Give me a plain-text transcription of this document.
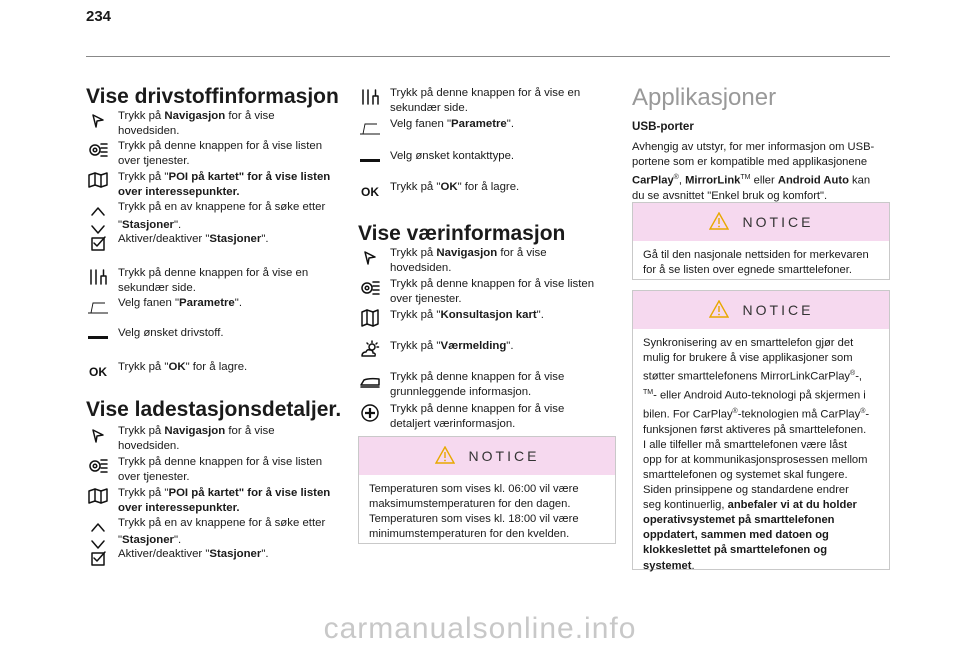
234
Vise drivstoffinformasjon
Trykk på Navigasjon for å vise
hovedsiden.
Trykk på denne knappen for å vise listen
over tjenester.
Trykk på "POI på kartet" for å vise listen
over interessepunkter.
Trykk på en av knappene for å søke etter
"Stasjoner".
Aktiver/deaktiver "Stasjoner".
Trykk på denne knappen for å vise en
sekundær side.
Velg fanen "Parametre".
Velg ønsket drivstoff.
OK Trykk på "OK" for å lagre.
Vise ladestasjonsdetaljer.
Trykk på Navigasjon for å vise
hovedsiden.
Trykk på denne knappen for å vise listen
over tjenester.
Trykk på "POI på kartet" for å vise listen
over interessepunkter.
Trykk på en av knappene for å søke etter
"Stasjoner".
Aktiver/deaktiver "Stasjoner".
Trykk på denne knappen for å vise en
sekundær side.
Velg fanen "Parametre".
Velg ønsket kontakttype.
OK Trykk på "OK" for å lagre.
Vise værinformasjon
Trykk på Navigasjon for å vise
hovedsiden.
Trykk på denne knappen for å vise listen
over tjenester.
Trykk på "Konsultasjon kart".
Trykk på "Værmelding".
Trykk på denne knappen for å vise
grunnleggende informasjon.
Trykk på denne knappen for å vise
detaljert værinformasjon.
NOTICE

Temperaturen som vises kl. 06:00 vil være

maksimumstemperaturen for den dagen.

Temperaturen som vises kl. 18:00 vil være

minimumstemperaturen for den kvelden.

Applikasjoner
USB-porter

Avhengig av utstyr, for mer informasjon om USB-

portene som er kompatible med applikasjonene

CarPlay®, MirrorLink™ eller Android Auto kan

du se avsnittet "Enkel bruk og komfort".

NOTICE

Gå til den nasjonale nettsiden for merkevaren

for å se listen over egnede smarttelefoner.

NOTICE

Synkronisering av en smarttelefon gjør det

mulig for brukere å vise applikasjoner som

støtter smarttelefonens MirrorLinkCarPlay®-,

™- eller Android Auto-teknologi på skjermen i

bilen. For CarPlay®-teknologien må CarPlay®-

funksjonen først aktiveres på smarttelefonen.

I alle tilfeller må smarttelefonen være låst

opp for at kommunikasjonsprosessen mellom

smarttelefonen og systemet skal fungere.

Siden prinsippene og standardene endrer

seg kontinuerlig, anbefaler vi at du holder

operativsystemet på smarttelefonen

oppdatert, sammen med datoen og

klokkeslettet på smarttelefonen og

systemet.

carmanualsonline.info
